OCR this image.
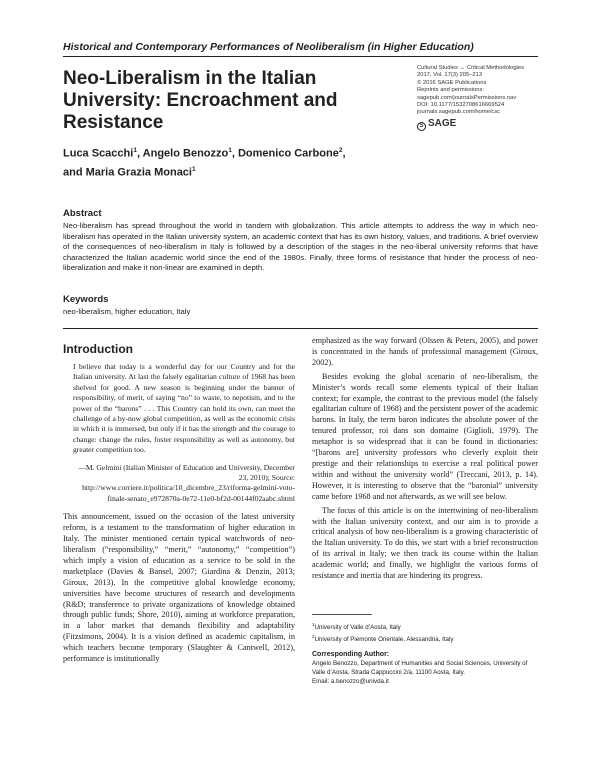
Historical and Contemporary Performances of Neoliberalism (in Higher Education)
Neo-Liberalism in the Italian University: Encroachment and Resistance
Cultural Studies ↔ Critical Methodologies
2017, Vol. 17(3) 205–213
© 2016 SAGE Publications
Reprints and permissions:
sagepub.com/journalsPermissions.nav
DOI: 10.1177/1532708616669524
journals.sagepub.com/home/csc
S SAGE
Luca Scacchi$^1$, Angelo Benozzo$^1$, Domenico Carbone$^2$,
and Maria Grazia Monaci$^1$
Abstract
Neo-liberalism has spread throughout the world in tandem with globalization. This article attempts to address the way in which neo-liberalism has operated in the Italian university system, an academic context that has its own history, values, and traditions. A brief overview of the consequences of neo-liberalism in Italy is followed by a description of the stages in the neo-liberal university reforms that have characterized the Italian academic world since the end of the 1980s. Finally, three forms of resistance that hinder the process of neo-liberalization and make it non-linear are examined in depth.
Keywords
neo-liberalism, higher education, Italy
Introduction
I believe that today is a wonderful day for our Country and for the Italian university. At last the falsely egalitarian culture of 1968 has been shelved for good. A new season is beginning under the banner of responsibility, of merit, of saying “no” to waste, to nepotism, and to the power of the “barons” . . . This Country can hold its own, can meet the challenge of a by-now global competition, as well as the economic crisis in which it is immersed, but only if it has the strength and the courage to change: change the rules, foster responsibility as well as autonomy, but greater competition too.
—M. Gelmini (Italian Minister of Education and University, December 23, 2010); Source: http://www.corriere.it/politica/10_dicembre_23/riforma-gelmini-voto-finale-senato_e972870a-0e72-11e0-bf2d-00144f02aabc.shtml
This announcement, issued on the occasion of the latest university reform, is a testament to the transformation of higher education in Italy. The minister mentioned certain typical watchwords of neo-liberalism (“responsibility,” “merit,” “autonomy,” “competition”) which imply a vision of education as a service to be sold in the marketplace (Davies & Bansel, 2007; Giardina & Denzin, 2013; Giroux, 2013). In the competitive global knowledge economy, universities have become structures of research and developments (R&D; transference to private organizations of knowledge obtained through public funds; Shore, 2010), aiming at workforce preparation, in a labor market that demands flexibility and adaptability (Fitzsimons, 2004). It is a vision defined as academic capitalism, in which teachers become temporary (Slaughter & Cantwell, 2012), performance is institutionally
emphasized as the way forward (Olssen & Peters, 2005), and power is concentrated in the hands of professional management (Giroux, 2002).
Besides evoking the global scenario of neo-liberalism, the Minister’s words recall some elements typical of their Italian context; for example, the contrast to the previous model (the falsely egalitarian culture of 1968) and the persistent power of the academic barons. In Italy, the term baron indicates the absolute power of the tenured professor, roi dans son domaine (Giglioli, 1979). The metaphor is so widespread that it can be found in dictionaries: “[barons are] university professors who cleverly exploit their prestige and their relationships to exercise a real political power within and without the university world” (Treccani, 2013, p. 14). However, it is interesting to observe that the “baronial” university came before 1968 and not afterwards, as we will see below.
The focus of this article is on the intertwining of neo-liberalism with the Italian university context, and our aim is to provide a critical analysis of how neo-liberalism is a growing characteristic of the Italian university. To do this, we start with a brief reconstruction of its arrival in Italy; we then track its course within the Italian academic world; and finally, we highlight the various forms of resistance and inertia that are hindering its progress.
$^1$University of Valle d’Aosta, Italy
$^2$University of Piemonte Orientale, Alessandria, Italy
Corresponding Author:
Angelo Benozzo, Department of Humanities and Social Sciences, University of Valle d’Aosta, Strada Cappuccini 2/a, 11100 Aosta, Italy.
Email: a.benozzo@univda.it
